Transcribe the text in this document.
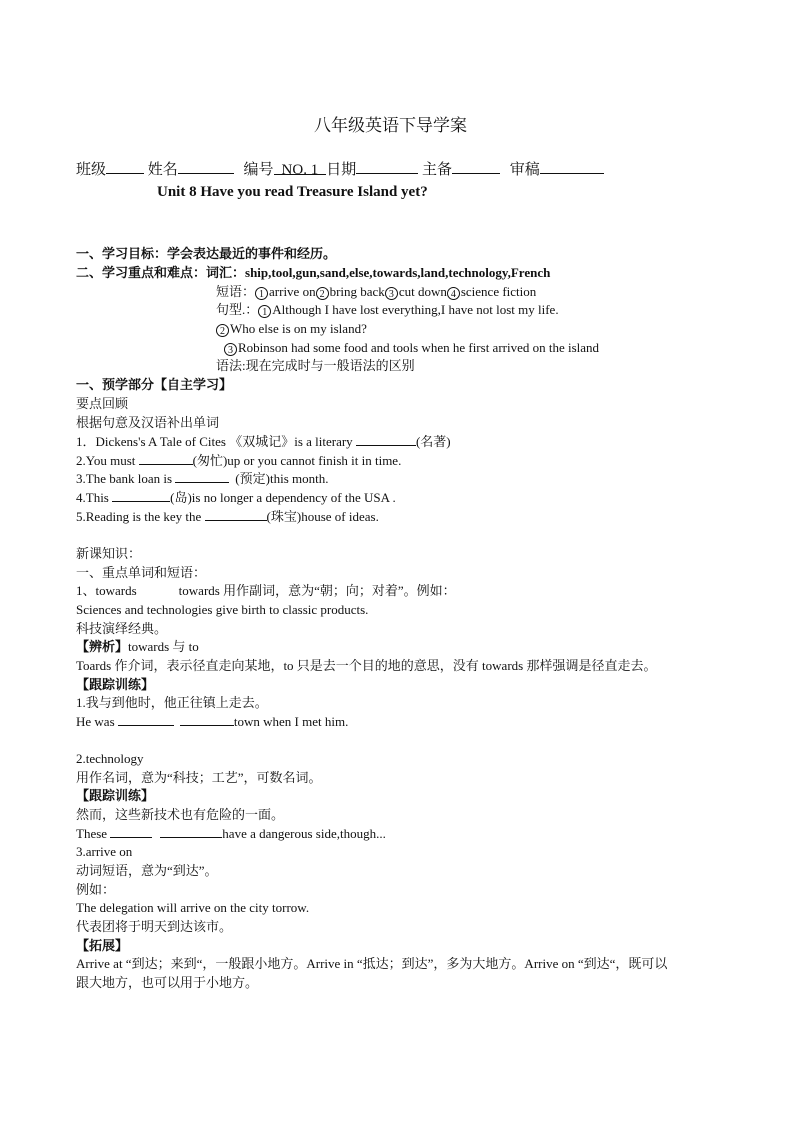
八年级英语下导学案
班级	姓名	编号 NO. 1 日期	主备	审稿
Unit 8 Have you read Treasure Island yet?
一、学习目标：学会表达最近的事件和经历。
二、学习重点和难点：词汇：ship,tool,gun,sand,else,towards,land,technology,French
短语： 1 arrive on 2 bring back 3 cut down 4 science fiction
句型.： 1 Although I have lost everything,I have not lost my life.
2 Who else is on my island?
3 Robinson had some food and tools when he first arrived on the island
语法:现在完成时与一般语法的区别
一、预学部分【自主学习】
要点回顾
根据句意及汉语补出单词
1．Dickens's A Tale of Cites 《双城记》is a literary	(名著)
2.You must	(匆忙)up or you cannot finish it in time.
3.The bank loan is	(预定)this month.
4.This	(岛)is no longer a dependency of the USA .
5.Reading is the key the	(珠宝)house of ideas.
新课知识：
一、重点单词和短语：
1、towards	towards 用作副词，意为“朝；向；对着”。例如：
Sciences and technologies give birth to classic products.
科技演绎经典。
【辨析】towards 与 to
Toards 作介词，表示径直走向某地，to 只是去一个目的地的意思，没有 towards 那样强调是径直走去。
【跟踪训练】
1.我与到他时，他正往镇上走去。
He was	town when I met him.
2.technology
用作名词，意为“科技；工艺”，可数名词。
【跟踪训练】
然而，这些新技术也有危险的一面。
These	have a dangerous side,though...
3.arrive on
动词短语，意为“到达”。
例如：
The delegation will arrive on the city torrow.
代表团将于明天到达该市。
【拓展】
Arrive at “到达；来到“，一般跟小地方。Arrive in “抵达；到达”，多为大地方。Arrive on “到达“，既可以
跟大地方，也可以用于小地方。
